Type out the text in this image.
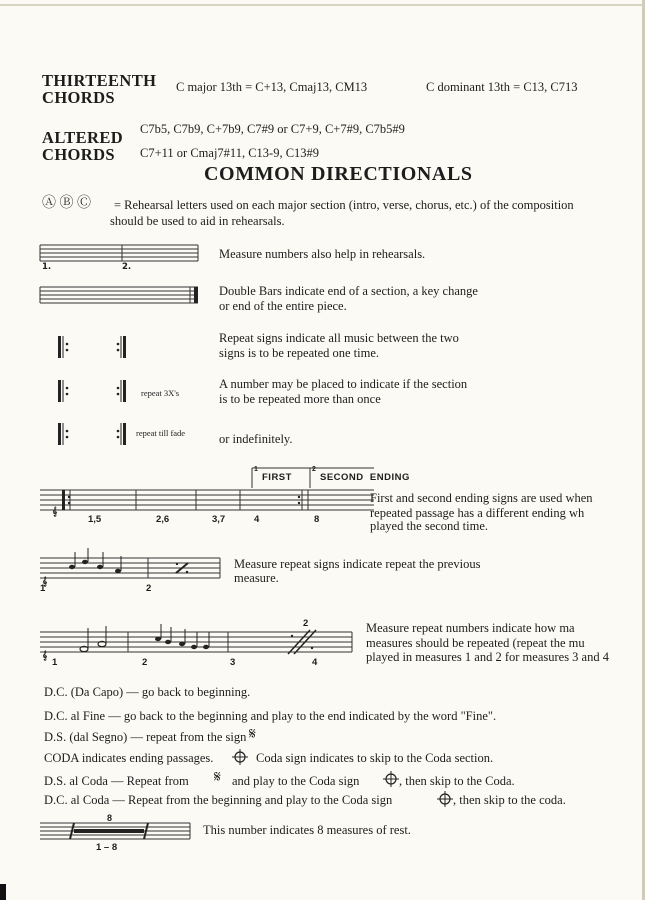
THIRTEENTH CHORDS
C major 13th = C+13, Cmaj13, CM13	C dominant 13th = C13, C713
ALTERED CHORDS
C7b5, C7b9, C+7b9, C7#9 or C7+9, C+7#9, C7b5#9
C7+11 or Cmaj7#11, C13-9, C13#9
COMMON DIRECTIONALS
Ⓐ Ⓑ Ⓒ = Rehearsal letters used on each major section (intro, verse, chorus, etc.) of the composition
should be used to aid in rehearsals.
1.	2.
Measure numbers also help in rehearsals.
Double Bars indicate end of a section, a key change
or end of the entire piece.
Repeat signs indicate all music between the two
signs is to be repeated one time.
repeat 3X's
A number may be placed to indicate if the section
is to be repeated more than once
repeat till fade	or indefinitely.
𝄞
1
FIRST
2
SECOND  ENDING
1,5	2,6	3,7	4	8
First and second ending signs are used when
repeated passage has a different ending wh
played the second time.
𝄞
1	2
Measure repeat signs indicate repeat the previous
measure.
𝄞
2
1	2	3	4
Measure repeat numbers indicate how ma
measures should be repeated (repeat the mu
played in measures 1 and 2 for measures 3 and 4
D.C. (Da Capo) — go back to beginning.
D.C. al Fine — go back to the beginning and play to the end indicated by the word "Fine".
D.S. (dal Segno) — repeat from the sign 𝄋
CODA indicates ending passages.	Coda sign indicates to skip to the Coda section.
D.S. al Coda — Repeat from 𝄋 and play to the Coda sign	, then skip to the Coda.
D.C. al Coda — Repeat from the beginning and play to the Coda sign	, then skip to the coda.
8
1 – 8
This number indicates 8 measures of rest.
